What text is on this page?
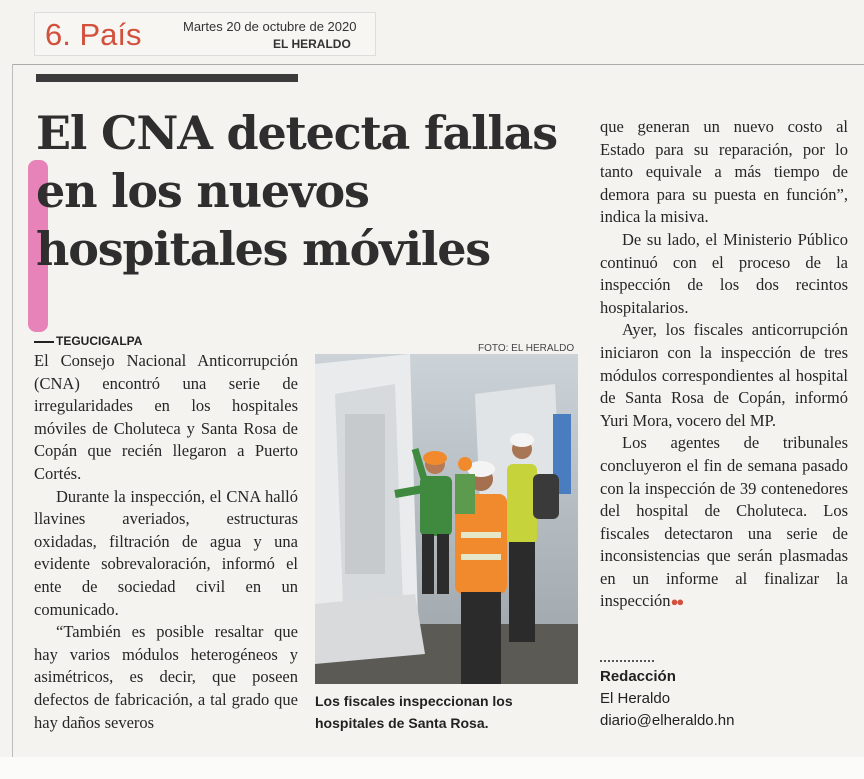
6. País	Martes 20 de octubre de 2020
EL HERALDO
El CNA detecta fallas en los nuevos hospitales móviles
TEGUCIGALPA

El Consejo Nacional Anticorrupción (CNA) encontró una serie de irregularidades en los hospitales móviles de Choluteca y Santa Rosa de Copán que recién llegaron a Puerto Cortés.

Durante la inspección, el CNA halló llavines averiados, estructuras oxidadas, filtración de agua y una evidente sobrevaloración, informó el ente de sociedad civil en un comunicado.

“También es posible resaltar que hay varios módulos heterogéneos y asimétricos, es decir, que poseen defectos de fabricación, a tal grado que hay daños severos

FOTO: EL HERALDO

Los fiscales inspeccionan los hospitales de Santa Rosa.

que generan un nuevo costo al Estado para su reparación, por lo tanto equivale a más tiempo de demora para su puesta en función”, indica la misiva.

De su lado, el Ministerio Público continuó con el proceso de la inspección de los dos recintos hospitalarios.

Ayer, los fiscales anticorrupción iniciaron con la inspección de tres módulos correspondientes al hospital de Santa Rosa de Copán, informó Yuri Mora, vocero del MP.

Los agentes de tribunales concluyeron el fin de semana pasado con la inspección de 39 contenedores del hospital de Choluteca. Los fiscales detectaron una serie de inconsistencias que serán plasmadas en un informe al finalizar la inspección●●

Redacción
El Heraldo
diario@elheraldo.hn
